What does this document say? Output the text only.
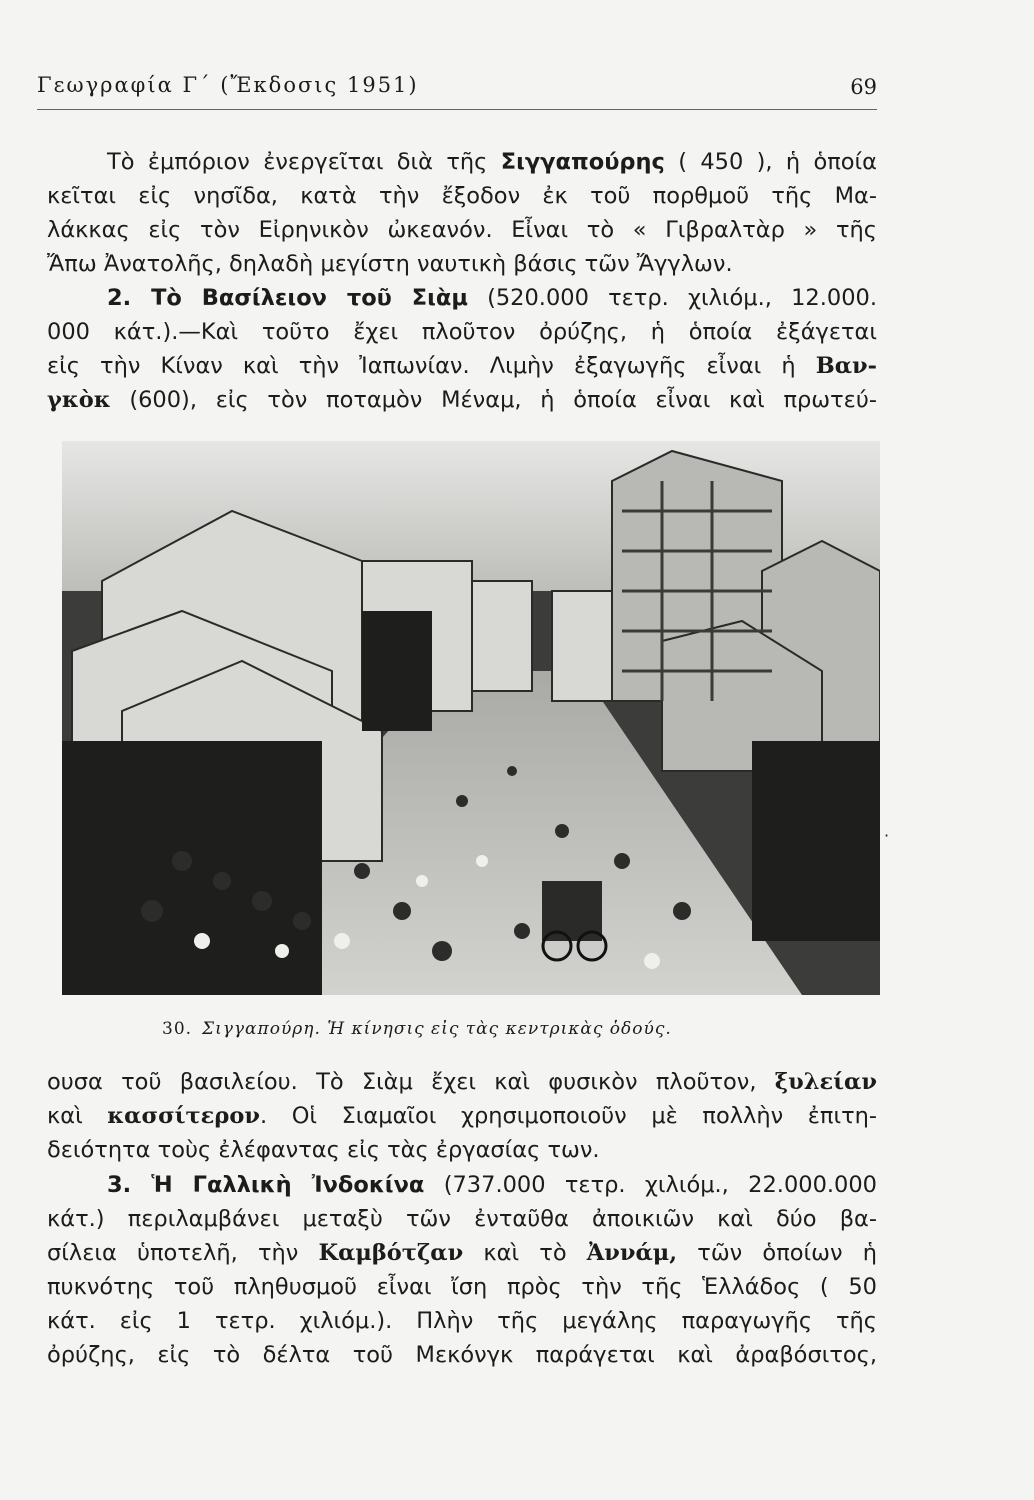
Γεωγραφία Γ΄ (Ἔκδοσις 1951)	69
Τὸ ἐμπόριον ἐνεργεῖται διὰ τῆς Σιγγαπούρης ( 450 ), ἡ ὁποία
κεῖται εἰς νησῖδα, κατὰ τὴν ἔξοδον ἐκ τοῦ πορθμοῦ τῆς Μα-
λάκκας εἰς τὸν Εἰρηνικὸν ὠκεανόν. Εἶναι τὸ « Γιβραλτὰρ » τῆς
Ἄπω Ἀνατολῆς, δηλαδὴ μεγίστη ναυτικὴ βάσις τῶν Ἄγγλων.
2. Τὸ Βασίλειον τοῦ Σιὰμ (520.000 τετρ. χιλιόμ., 12.000.
000 κάτ.).—Καὶ τοῦτο ἔχει πλοῦτον ὀρύζης, ἡ ὁποία ἐξάγεται
εἰς τὴν Κίναν καὶ τὴν Ἰαπωνίαν. Λιμὴν ἐξαγωγῆς εἶναι ἡ Βαν-
γκὸκ (600), εἰς τὸν ποταμὸν Μέναμ, ἡ ὁποία εἶναι καὶ πρωτεύ-
30. Σιγγαπούρη. Ἡ κίνησις εἰς τὰς κεντρικὰς ὁδούς.
·
ουσα τοῦ βασιλείου. Τὸ Σιὰμ ἔχει καὶ φυσικὸν πλοῦτον, ξυλείαν
καὶ κασσίτερον. Οἱ Σιαμαῖοι χρησιμοποιοῦν μὲ πολλὴν ἐπιτη-
δειότητα τοὺς ἐλέφαντας εἰς τὰς ἐργασίας των.
3. Ἡ Γαλλικὴ Ἰνδοκίνα (737.000 τετρ. χιλιόμ., 22.000.000
κάτ.) περιλαμβάνει μεταξὺ τῶν ἐνταῦθα ἀποικιῶν καὶ δύο βα-
σίλεια ὑποτελῆ, τὴν Καμβότζαν καὶ τὸ Ἀννάμ, τῶν ὁποίων ἡ
πυκνότης τοῦ πληθυσμοῦ εἶναι ἴση πρὸς τὴν τῆς Ἑλλάδος ( 50
κάτ. εἰς 1 τετρ. χιλιόμ.). Πλὴν τῆς μεγάλης παραγωγῆς τῆς
ὀρύζης, εἰς τὸ δέλτα τοῦ Μεκόνγκ παράγεται καὶ ἀραβόσιτος,
